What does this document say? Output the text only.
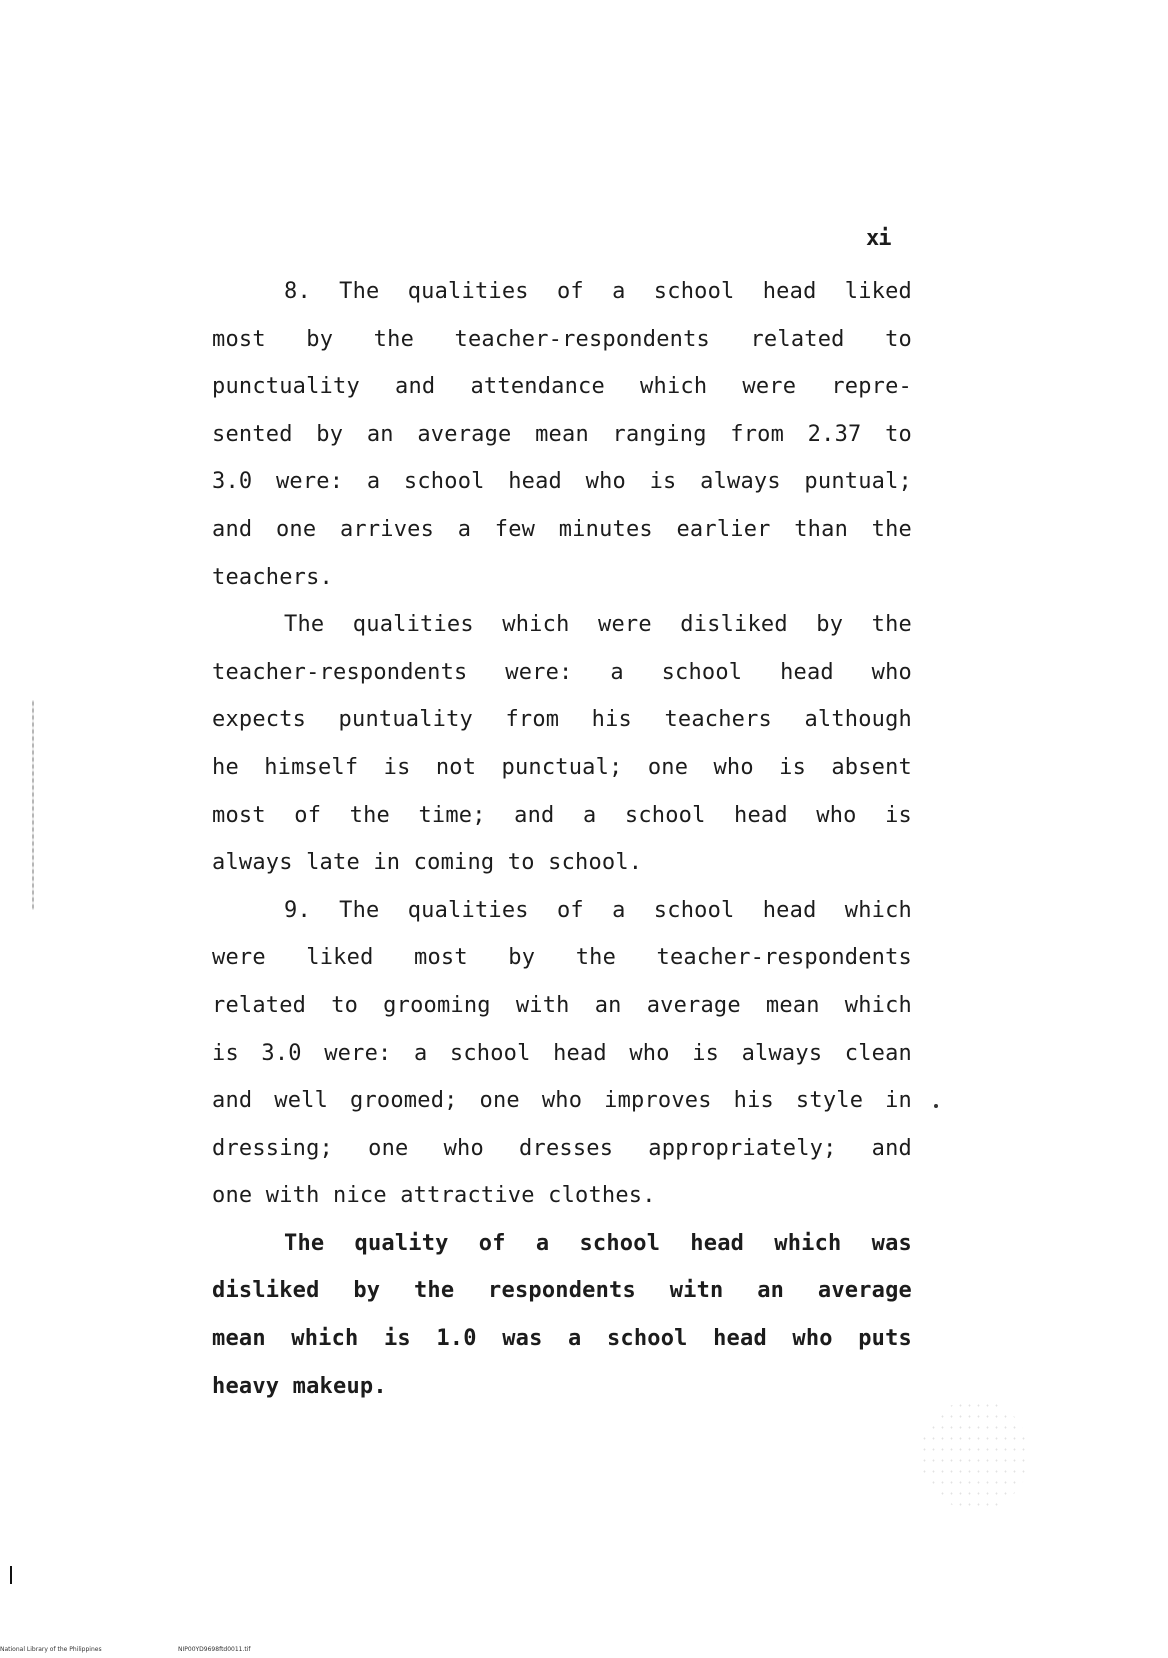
xi
8. The qualities of a school head liked
most by the teacher-respondents related to
punctuality and attendance which were repre-
sented by an average mean ranging from 2.37 to
3.0 were: a school head who is always puntual;
and one arrives a few minutes earlier than the
teachers.
The qualities which were disliked by the
teacher-respondents were: a school head who
expects puntuality from his teachers although
he himself is not punctual; one who is absent
most of the time; and a school head who is
always late in coming to school.
9. The qualities of a school head which
were liked most by the teacher-respondents
related to grooming with an average mean which
is 3.0 were: a school head who is always clean
and well groomed; one who improves his style in
dressing; one who dresses appropriately; and
one with nice attractive clothes.
The quality of a school head which was
disliked by the respondents witn an average
mean which is 1.0 was a school head who puts
heavy makeup.
National Library of the Philippines	NIP00YD9698ftd0011.tif
